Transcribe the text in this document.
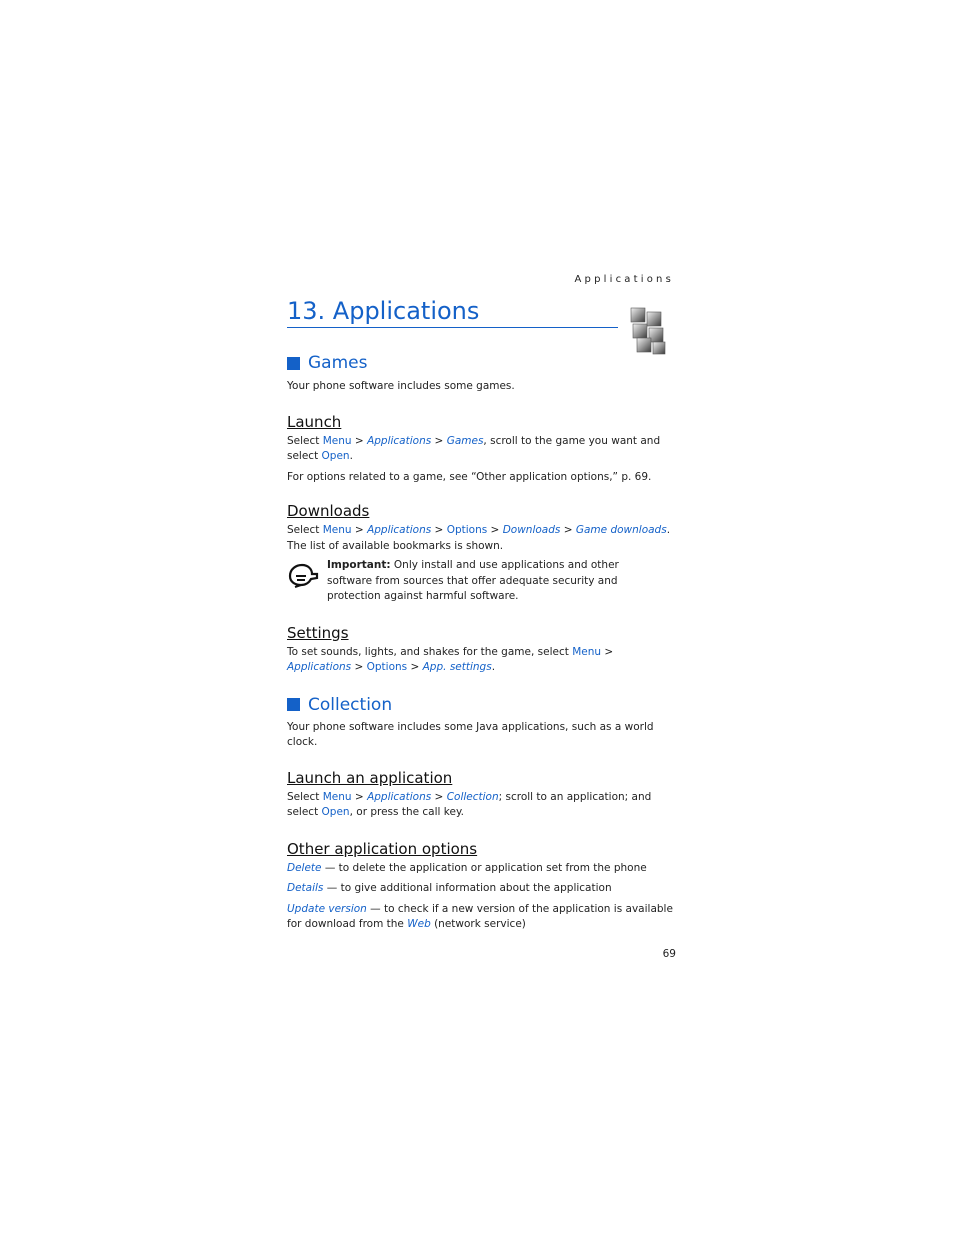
Applications
13. Applications
Games

Your phone software includes some games.

Launch

Select Menu > Applications > Games, scroll to the game you want and select Open.

For options related to a game, see “Other application options,” p. 69.

Downloads

Select Menu > Applications > Options > Downloads > Game downloads. The list of available bookmarks is shown.

Important: Only install and use applications and other software from sources that offer adequate security and protection against harmful software.

Settings

To set sounds, lights, and shakes for the game, select Menu > Applications > Options > App. settings.

Collection

Your phone software includes some Java applications, such as a world clock.

Launch an application

Select Menu > Applications > Collection; scroll to an application; and select Open, or press the call key.

Other application options

Delete — to delete the application or application set from the phone

Details — to give additional information about the application

Update version — to check if a new version of the application is available for download from the Web (network service)

69
